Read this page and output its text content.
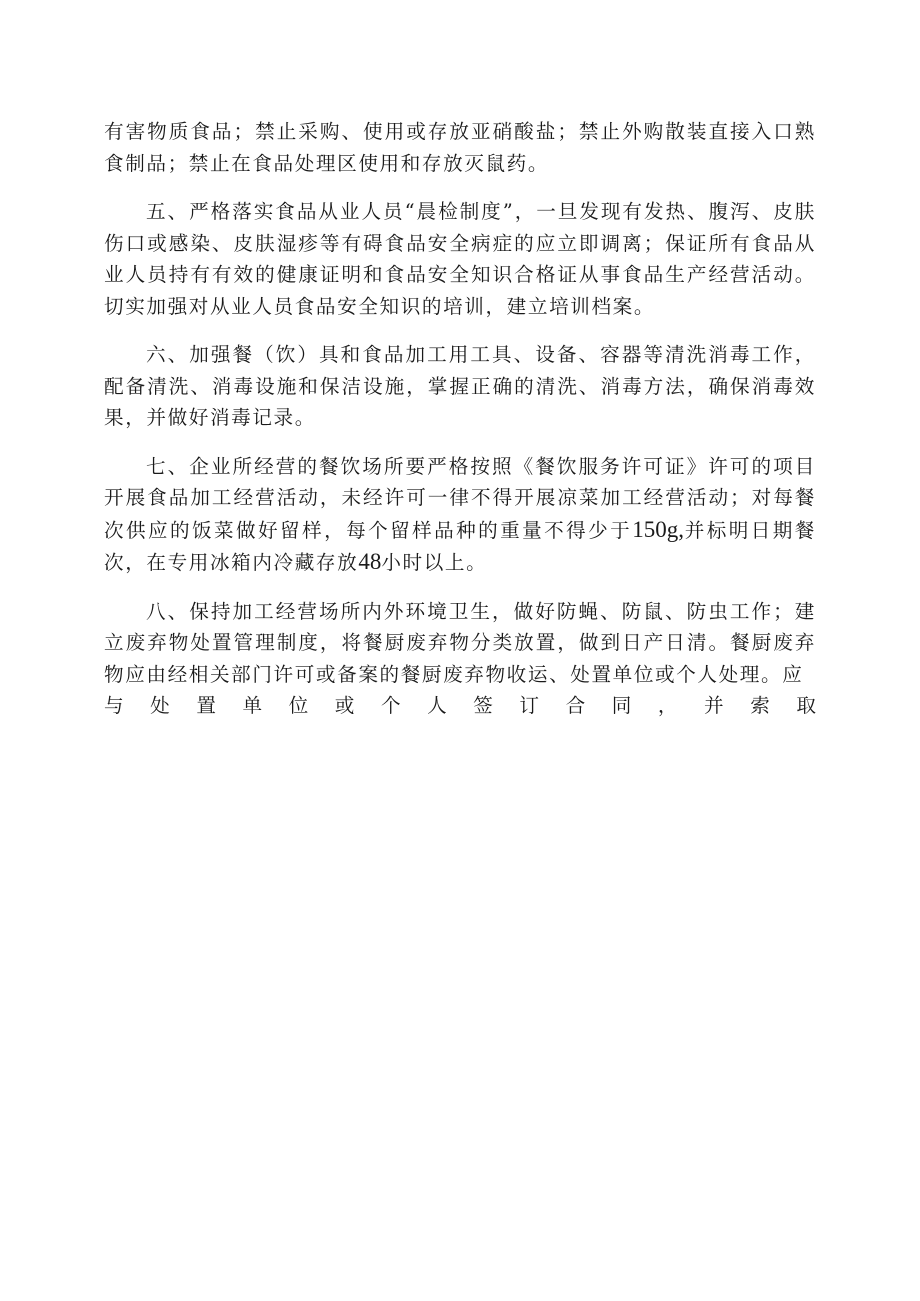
有害物质食品；禁止采购、使用或存放亚硝酸盐；禁止外购散装直接入口熟食制品；禁止在食品处理区使用和存放灭鼠药。

五、严格落实食品从业人员“晨检制度”，一旦发现有发热、腹泻、皮肤伤口或感染、皮肤湿疹等有碍食品安全病症的应立即调离；保证所有食品从业人员持有有效的健康证明和食品安全知识合格证从事食品生产经营活动。切实加强对从业人员食品安全知识的培训，建立培训档案。

六、加强餐（饮）具和食品加工用工具、设备、容器等清洗消毒工作，配备清洗、消毒设施和保洁设施，掌握正确的清洗、消毒方法，确保消毒效果，并做好消毒记录。

七、企业所经营的餐饮场所要严格按照《餐饮服务许可证》许可的项目开展食品加工经营活动，未经许可一律不得开展凉菜加工经营活动；对每餐次供应的饭菜做好留样，每个留样品种的重量不得少于150g,并标明日期餐次，在专用冰箱内冷藏存放48小时以上。

八、保持加工经营场所内外环境卫生，做好防蝇、防鼠、防虫工作；建立废弃物处置管理制度，将餐厨废弃物分类放置，做到日产日清。餐厨废弃物应由经相关部门许可或备案的餐厨废弃物收运、处置单位或个人处理。应

与 处 置 单 位 或 个 人 签 订 合 同 ， 并 索 取
